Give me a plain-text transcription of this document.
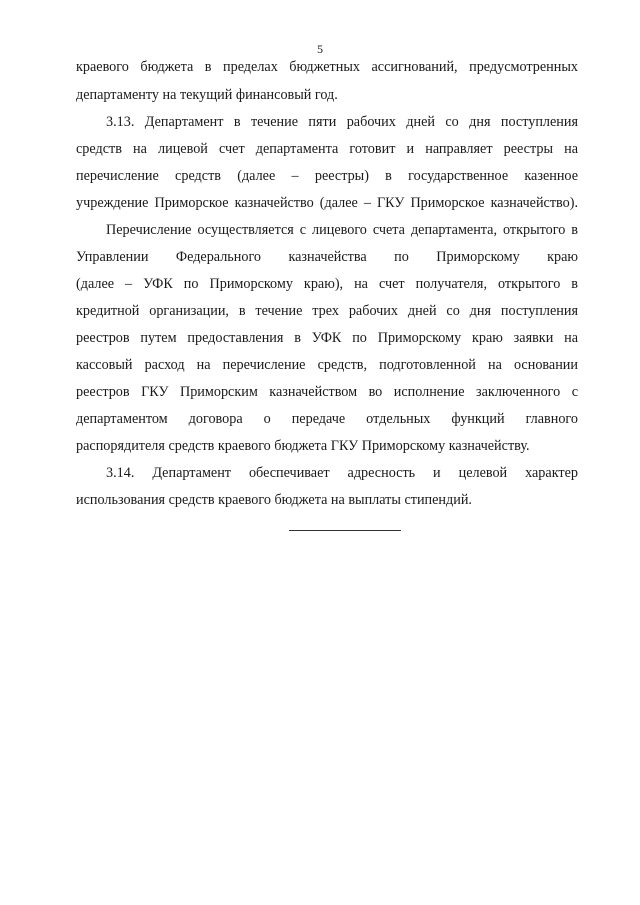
5
краевого бюджета в пределах бюджетных ассигнований, предусмотренных
департаменту на текущий финансовый год.
3.13. Департамент в течение пяти рабочих дней со дня поступления
средств на лицевой счет департамента готовит и направляет реестры на
перечисление средств (далее – реестры) в государственное казенное
учреждение Приморское казначейство (далее – ГКУ Приморское казначейство).
Перечисление осуществляется с лицевого счета департамента, открытого в
Управлении Федерального казначейства по Приморскому краю
(далее – УФК по Приморскому краю), на счет получателя, открытого в
кредитной организации, в течение трех рабочих дней со дня поступления
реестров путем предоставления в УФК по Приморскому краю заявки на
кассовый расход на перечисление средств, подготовленной на основании
реестров ГКУ Приморским казначейством во исполнение заключенного с
департаментом договора о передаче отдельных функций главного
распорядителя средств краевого бюджета ГКУ Приморскому казначейству.
3.14. Департамент обеспечивает адресность и целевой характер
использования средств краевого бюджета на выплаты стипендий.
